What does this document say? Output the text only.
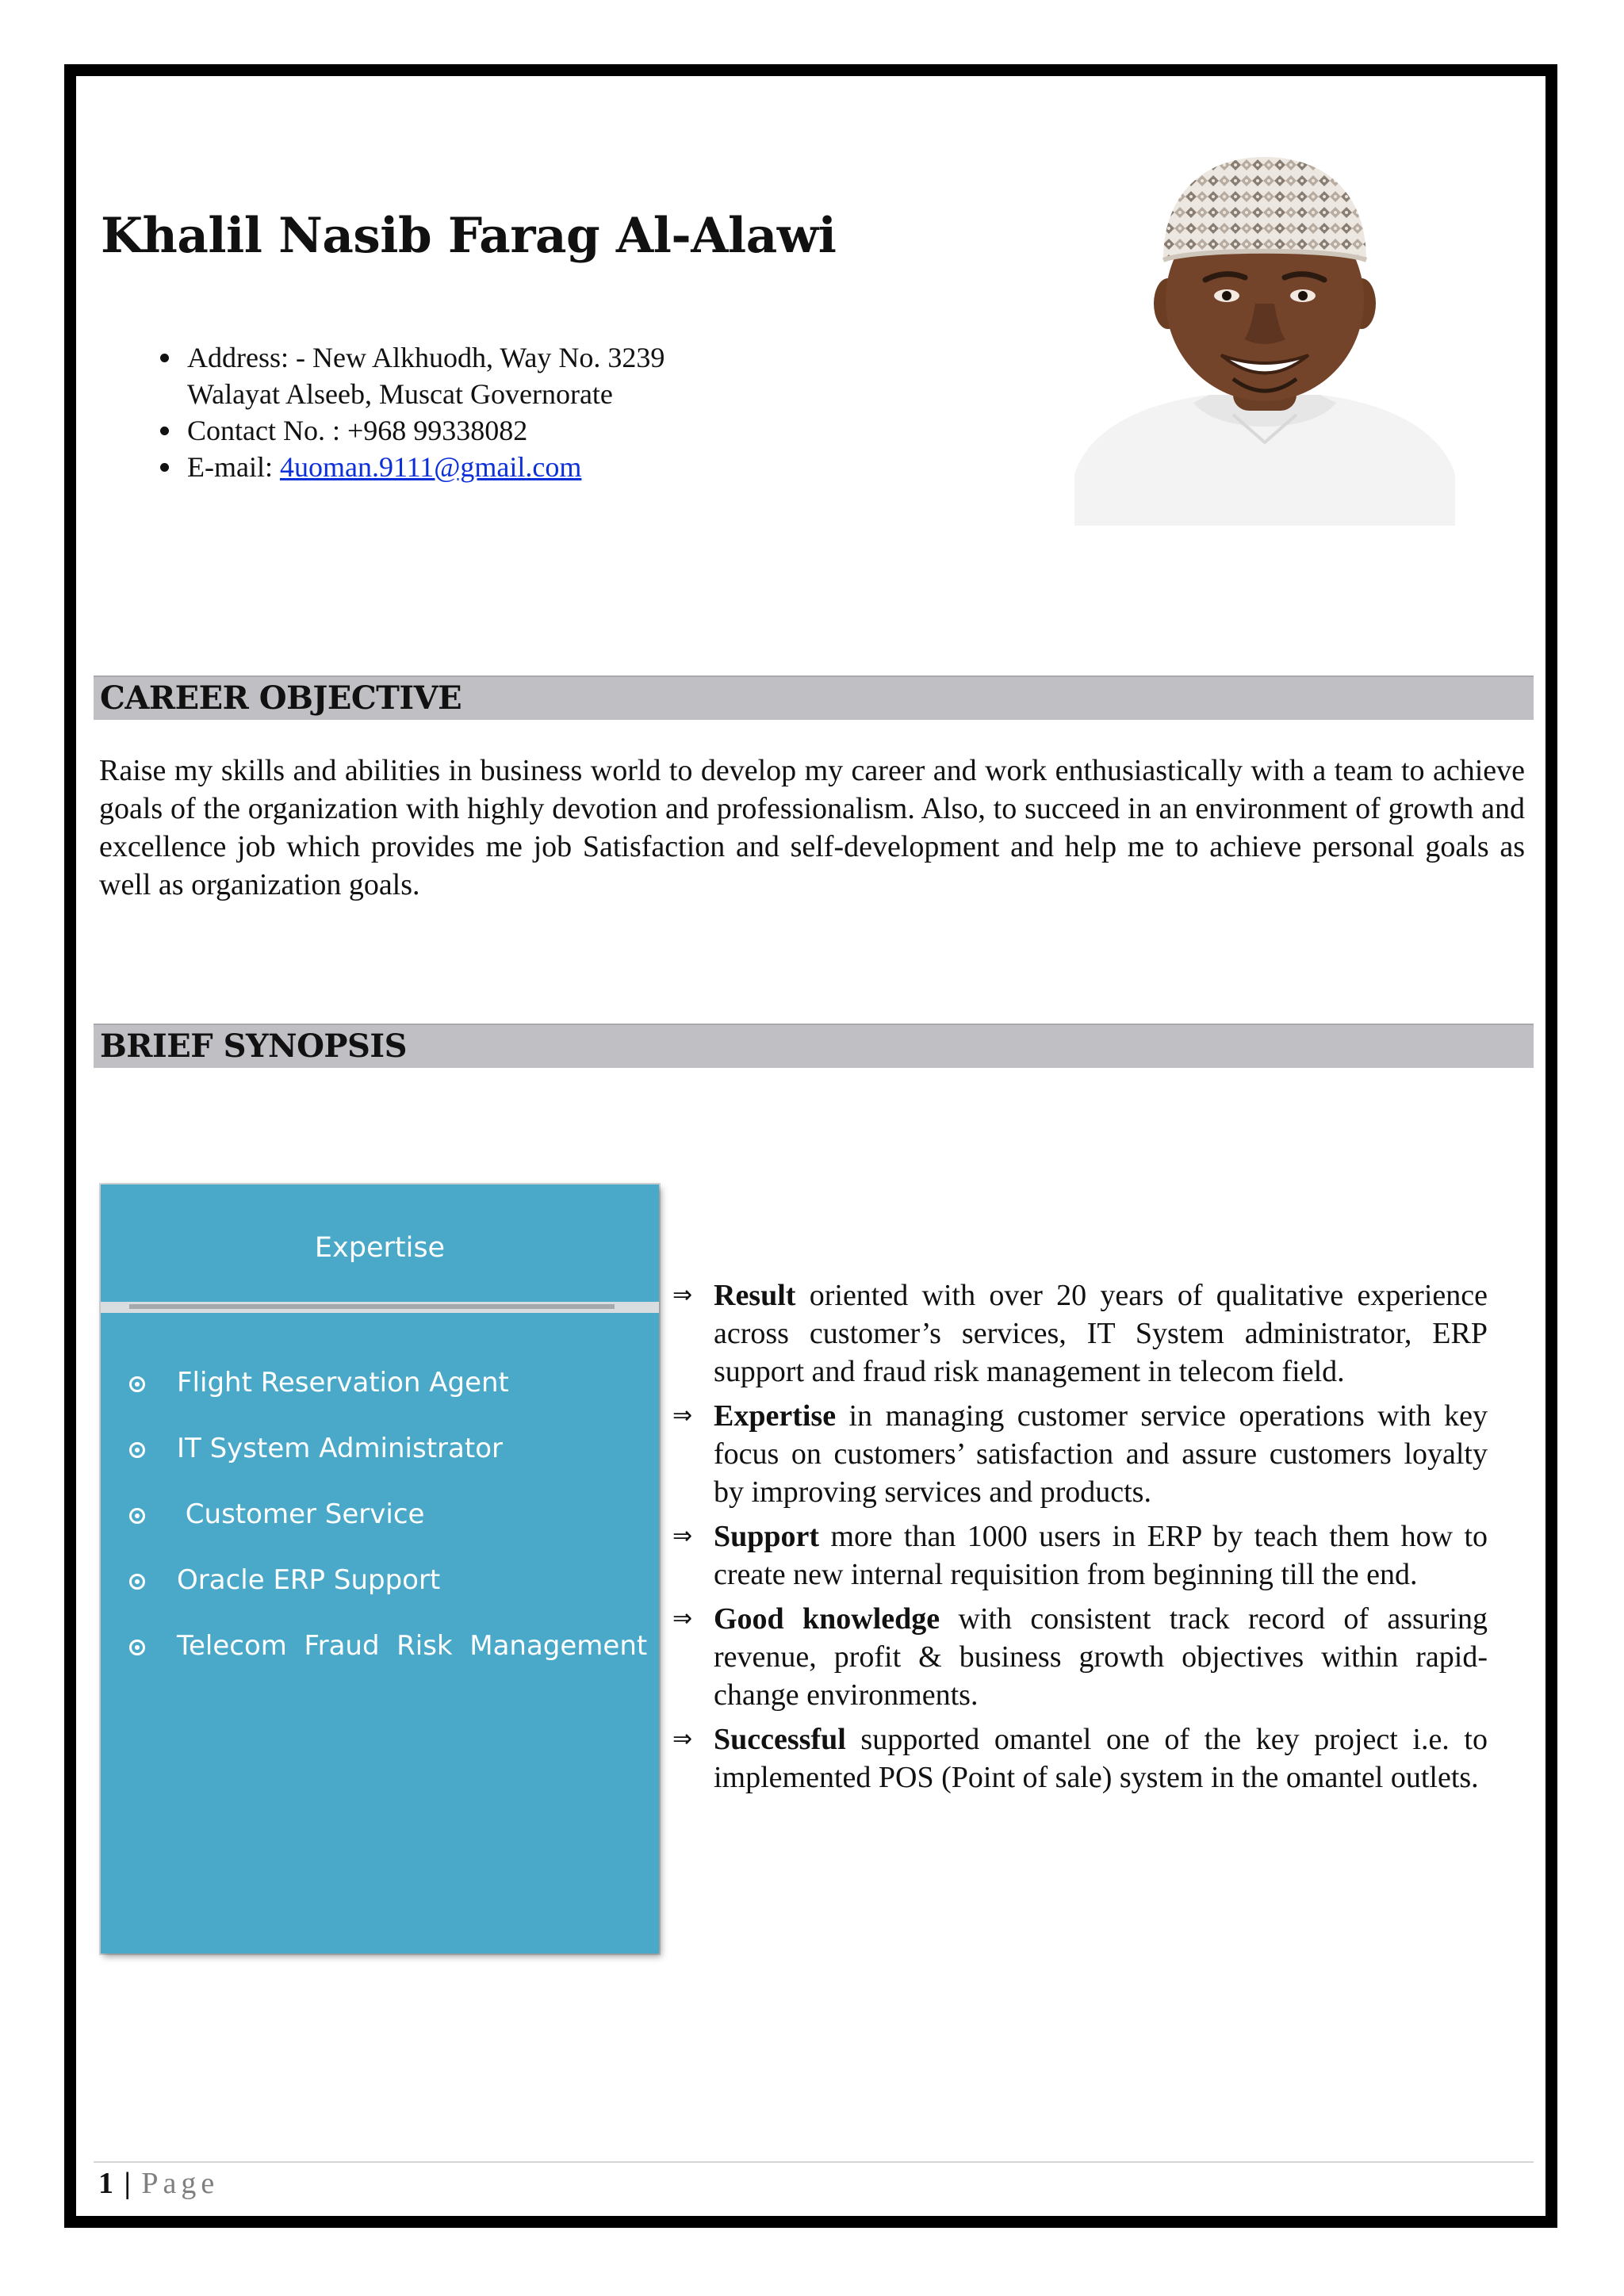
Khalil Nasib Farag Al-Alawi
Address: - New Alkhuodh, Way No. 3239
Walayat Alseeb, Muscat Governorate
Contact No. : +968 99338082
E-mail: 4uoman.9111@gmail.com
CAREER OBJECTIVE

Raise my skills and abilities in business world to develop my career and work enthusiastically with a team to achieve goals of the organization with highly devotion and professionalism. Also, to succeed in an environment of growth and excellence job which provides me job Satisfaction and self-development and help me to achieve personal goals as well as organization goals.

BRIEF SYNOPSIS
Expertise
Flight Reservation Agent
IT System Administrator
Customer Service
Oracle ERP Support
Telecom  Fraud  Risk  Management
⇒ Result oriented with over 20 years of qualitative experience across customer’s services, IT System administrator, ERP support and fraud risk management in telecom field.
⇒ Expertise in managing customer service operations with key focus on customers’ satisfaction and assure customers loyalty by improving services and products.
⇒ Support more than 1000 users in ERP by teach them how to create new internal requisition from beginning till the end.
⇒ Good knowledge with consistent track record of assuring revenue, profit & business growth objectives within rapid-change environments.
⇒ Successful supported omantel one of the key project i.e. to implemented POS (Point of sale) system in the omantel outlets.
1 | Page
